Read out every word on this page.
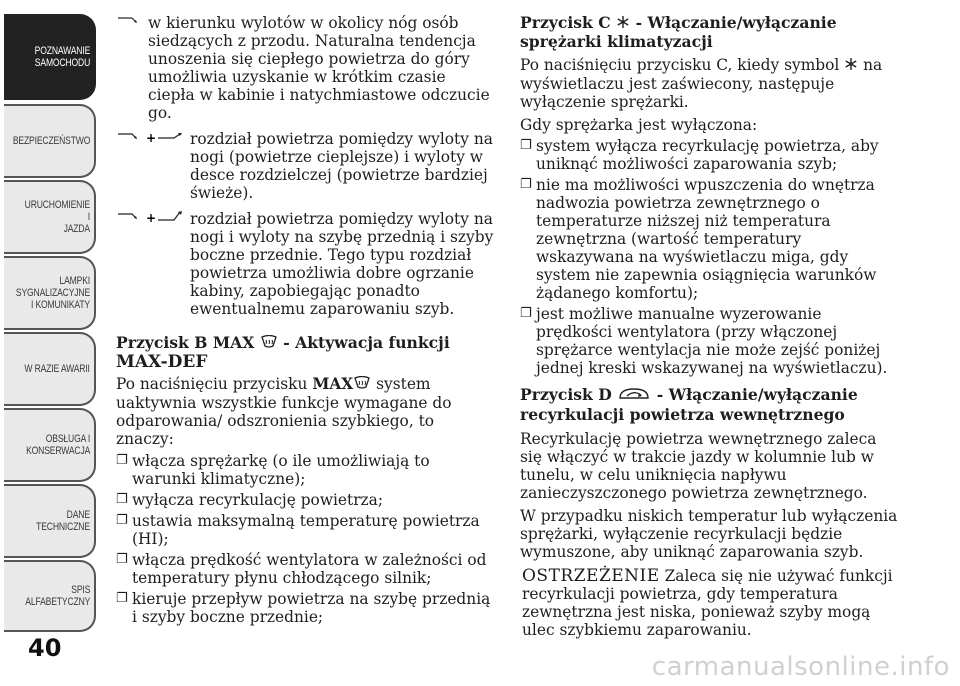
POZNAWANIE
SAMOCHODU
BEZPIECZEŃSTWO
URUCHOMIENIE I
JAZDA
LAMPKI
SYGNALIZACYJNE
I KOMUNIKATY
W RAZIE AWARII
OBSŁUGA I
KONSERWACJA
DANE
TECHNICZNE
SPIS
ALFABETYCZNY
40
w kierunku wylotów w okolicy nóg osób siedzących z przodu. Naturalna tendencja unoszenia się ciepłego powietrza do góry umożliwia uzyskanie w krótkim czasie ciepła w kabinie i natychmiastowe odczucie go.
+ rozdział powietrza pomiędzy wyloty na nogi (powietrze cieplejsze) i wyloty w desce rozdzielczej (powietrze bardziej świeże).
+ rozdział powietrza pomiędzy wyloty na nogi i wyloty na szybę przednią i szyby boczne przednie. Tego typu rozdział powietrza umożliwia dobre ogrzanie kabiny, zapobiegając ponadto ewentualnemu zaparowaniu szyb.

Przycisk B MAX - Aktywacja funkcji

MAX-DEF

Po naciśnięciu przycisku MAX system uaktywnia wszystkie funkcje wymagane do odparowania/ odszronienia szybkiego, to znaczy:

❐ włącza sprężarkę (o ile umożliwiają to warunki klimatyczne);
❐ wyłącza recyrkulację powietrza;
❐ ustawia maksymalną temperaturę powietrza (HI);
❐ włącza prędkość wentylatora w zależności od temperatury płynu chłodzącego silnik;
❐ kieruje przepływ powietrza na szybę przednią i szyby boczne przednie;

Przycisk C - Włączanie/wyłączanie sprężarki klimatyzacji

Po naciśnięciu przycisku C, kiedy symbol na wyświetlaczu jest zaświecony, następuje wyłączenie sprężarki.

Gdy sprężarka jest wyłączona:

❐ system wyłącza recyrkulację powietrza, aby uniknąć możliwości zaparowania szyb;
❐ nie ma możliwości wpuszczenia do wnętrza nadwozia powietrza zewnętrznego o temperaturze niższej niż temperatura zewnętrzna (wartość temperatury wskazywana na wyświetlaczu miga, gdy system nie zapewnia osiągnięcia warunków żądanego komfortu);
❐ jest możliwe manualne wyzerowanie prędkości wentylatora (przy włączonej sprężarce wentylacja nie może zejść poniżej jednej kreski wskazywanej na wyświetlaczu).

Przycisk D	- Włączanie/wyłączanie recyrkulacji powietrza wewnętrznego

Recyrkulację powietrza wewnętrznego zaleca się włączyć w trakcie jazdy w kolumnie lub w tunelu, w celu uniknięcia napływu zanieczyszczonego powietrza zewnętrznego.

W przypadku niskich temperatur lub wyłączenia sprężarki, wyłączenie recyrkulacji będzie wymuszone, aby uniknąć zaparowania szyb.

OSTRZEŻENIE Zaleca się nie używać funkcji recyrkulacji powietrza, gdy temperatura zewnętrzna jest niska, ponieważ szyby mogą ulec szybkiemu zaparowaniu.

carmanualsonline.info
